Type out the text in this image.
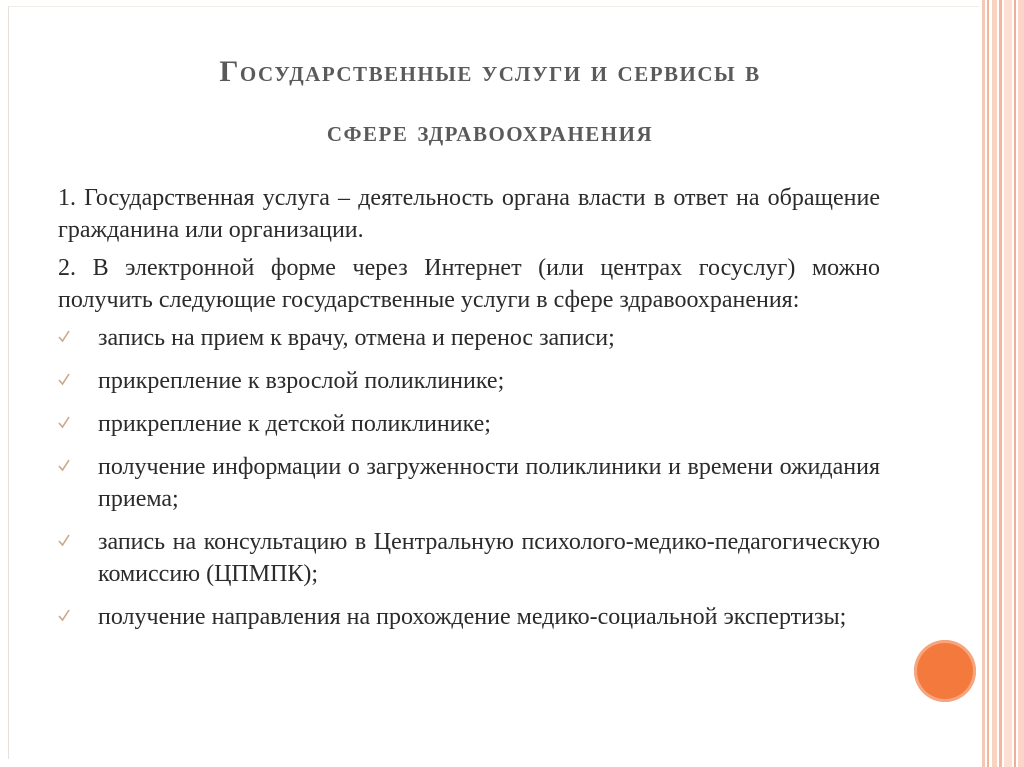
Государственные услуги и сервисы в
сфере здравоохранения

1. Государственная услуга – деятельность органа власти в ответ на обращение гражданина или организации.

2. В электронной форме через Интернет (или центрах госуслуг) можно получить следующие государственные услуги в сфере здравоохранения:

запись на прием к врачу, отмена и перенос записи;
прикрепление к взрослой поликлинике;
прикрепление к детской поликлинике;
получение информации о загруженности поликлиники и времени ожидания приема;
запись на консультацию в Центральную психолого-медико-педагогическую комиссию (ЦПМПК);
получение направления на прохождение медико-социальной экспертизы;
